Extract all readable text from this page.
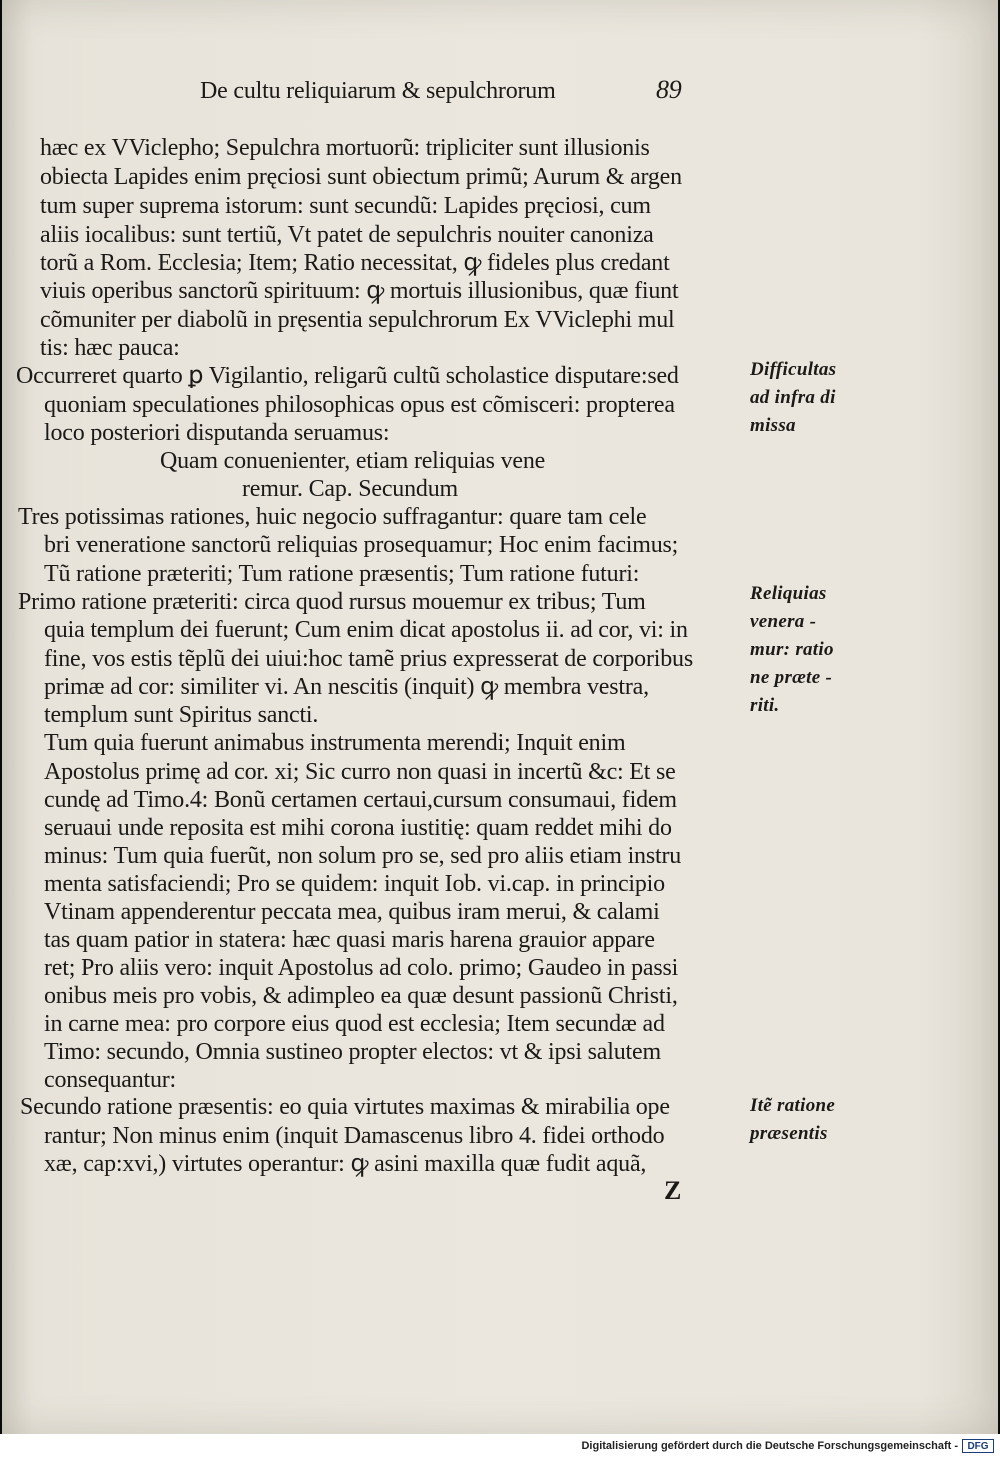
De cultu reliquiarum & sepulchrorum	89
hæc ex VViclepho; Sepulchra mortuorũ: tripliciter sunt illusionis
obiecta Lapides enim pręciosi sunt obiectum primũ; Aurum & argen
tum super suprema istorum: sunt secundũ: Lapides pręciosi, cum
aliis iocalibus: sunt tertiũ, Vt patet de sepulchris nouiter canoniza
torũ a Rom. Ecclesia; Item; Ratio necessitat, ꝙ fideles plus credant
viuis operibus sanctorũ spirituum: ꝙ mortuis illusionibus, quæ fiunt
cõmuniter per diabolũ in pręsentia sepulchrorum Ex VViclephi mul
tis: hæc pauca:
Occurreret quarto ꝑ Vigilantio, religarũ cultũ scholastice disputare:sed
quoniam speculationes philosophicas opus est cõmisceri: propterea
loco posteriori disputanda seruamus:
Quam conuenienter, etiam reliquias vene
remur. Cap. Secundum
Tres potissimas rationes, huic negocio suffragantur: quare tam cele
bri veneratione sanctorũ reliquias prosequamur; Hoc enim facimus;
Tũ ratione præteriti; Tum ratione præsentis; Tum ratione futuri:
Primo ratione præteriti: circa quod rursus mouemur ex tribus; Tum
quia templum dei fuerunt; Cum enim dicat apostolus ii. ad cor, vi: in
fine, vos estis tẽplũ dei uiui:hoc tamẽ prius expresserat de corporibus
primæ ad cor: similiter vi. An nescitis (inquit) ꝙ membra vestra,
templum sunt Spiritus sancti.
Tum quia fuerunt animabus instrumenta merendi; Inquit enim
Apostolus primę ad cor. xi; Sic curro non quasi in incertũ &c: Et se
cundę ad Timo.4: Bonũ certamen certaui,cursum consumaui, fidem
seruaui unde reposita est mihi corona iustitię: quam reddet mihi do
minus: Tum quia fuerũt, non solum pro se, sed pro aliis etiam instru
menta satisfaciendi; Pro se quidem: inquit Iob. vi.cap. in principio
Vtinam appenderentur peccata mea, quibus iram merui, & calami
tas quam patior in statera: hæc quasi maris harena grauior appare
ret; Pro aliis vero: inquit Apostolus ad colo. primo; Gaudeo in passi
onibus meis pro vobis, & adimpleo ea quæ desunt passionũ Christi,
in carne mea: pro corpore eius quod est ecclesia; Item secundæ ad
Timo: secundo, Omnia sustineo propter electos: vt & ipsi salutem
consequantur:
Secundo ratione præsentis: eo quia virtutes maximas & mirabilia ope
rantur; Non minus enim (inquit Damascenus libro 4. fidei orthodo
xæ, cap:xvi,) virtutes operantur: ꝙ asini maxilla quæ fudit aquã,
Difficultas
ad infra di
missa
Reliquias
venera -
mur: ratio
ne præte -
riti.
Itẽ ratione
præsentis
Z
Digitalisierung gefördert durch die Deutsche Forschungsgemeinschaft - DFG
